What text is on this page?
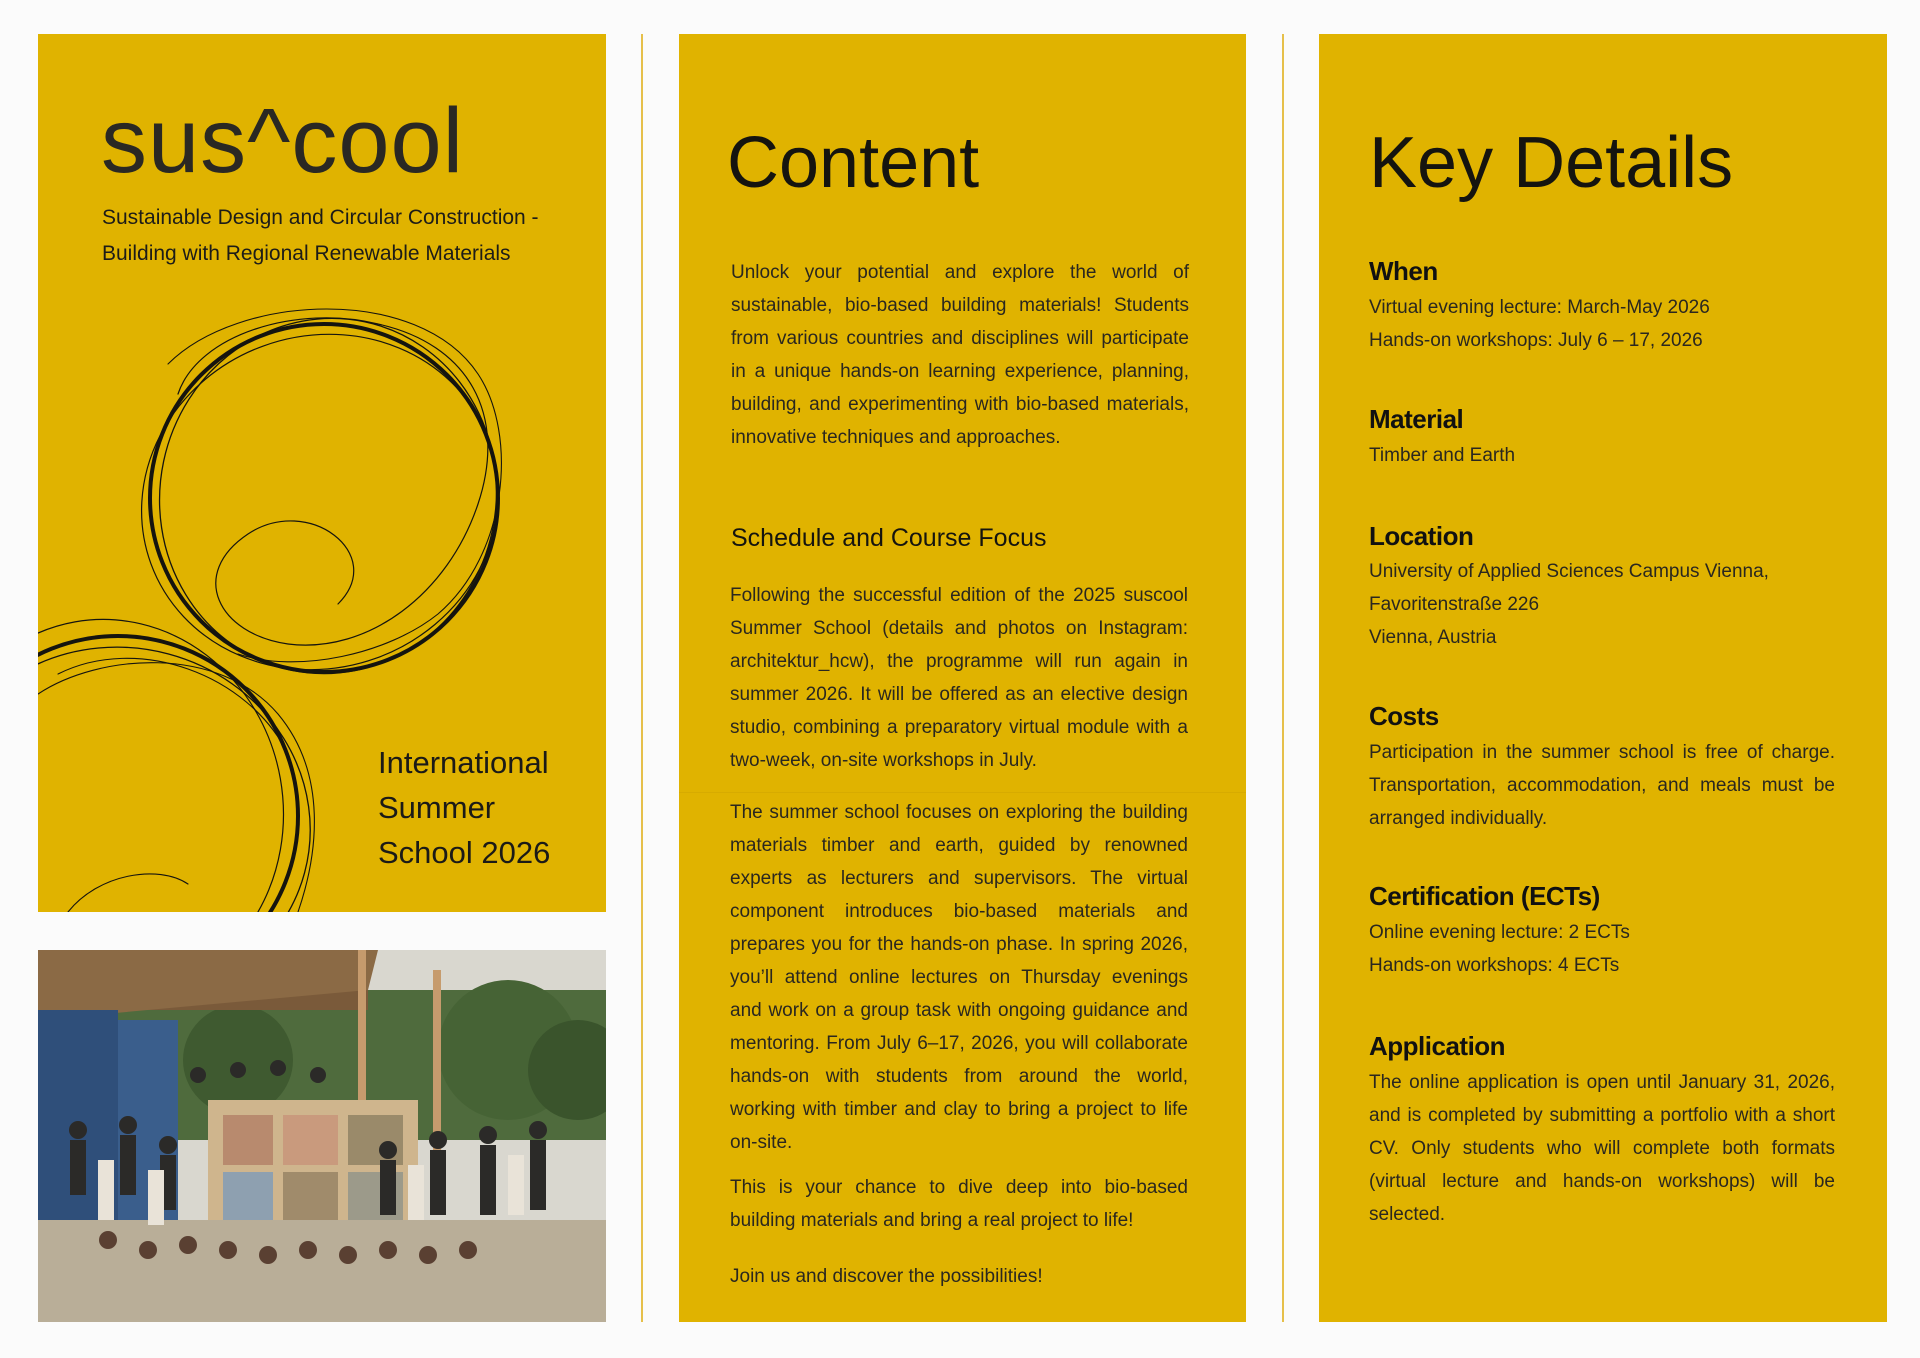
sus^cool
Sustainable Design and Circular Construction -
Building with Regional Renewable Materials
International
Summer
School 2026
Content
Unlock your potential and explore the world of sustainable, bio-based building materials! Students from various countries and disciplines will participate in a unique hands-on learning experience, planning, building, and experimenting with bio-based materials, innovative techniques and approaches.
Schedule and Course Focus
Following the successful edition of the 2025 suscool Summer School (details and photos on Instagram: architektur_hcw), the programme will run again in summer 2026. It will be offered as an elective design studio, combining a preparatory virtual module with a two-week, on-site workshops in July.
The summer school focuses on exploring the building materials timber and earth, guided by renowned experts as lecturers and supervisors. The virtual component introduces bio-based materials and prepares you for the hands-on phase. In spring 2026, you’ll attend online lectures on Thursday evenings and work on a group task with ongoing guidance and mentoring. From July 6–17, 2026, you will collaborate hands-on with students from around the world, working with timber and clay to bring a project to life on-site.
This is your chance to dive deep into bio-based building materials and bring a real project to life!
Join us and discover the possibilities!
Key Details
When
Virtual evening lecture: March-May 2026
Hands-on workshops: July 6 – 17, 2026
Material
Timber and Earth
Location
University of Applied Sciences Campus Vienna,
Favoritenstraße 226
Vienna, Austria
Costs
Participation in the summer school is free of charge. Transportation, accommodation, and meals must be arranged individually.
Certification (ECTs)
Online evening lecture: 2 ECTs
Hands-on workshops: 4 ECTs
Application
The online application is open until January 31, 2026, and is completed by submitting a portfolio with a short CV. Only students who will complete both formats (virtual lecture and hands-on workshops) will be selected.
